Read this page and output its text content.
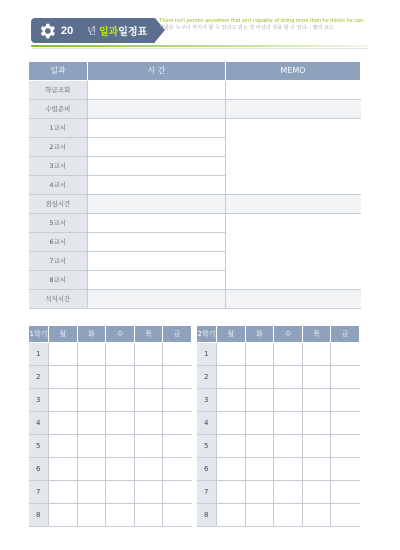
20 년 일과 일정표
There isn't person anywhere that isn't capable of doing more than he thinks he can.
사람은 누구나 자기가 할 수 있다고 믿는 것 이상의 것을 할 수 있다. - 헨리 포드
일과	시 간	MEMO
학급조회		
수업준비		
1교시		
2교시		
3교시		
4교시		
점심시간		
5교시		
6교시		
7교시		
8교시		
석식시간		
1학기	월	화	수	목	금
1					
2					
3					
4					
5					
6					
7					
8					
2학기	월	화	수	목	금
1					
2					
3					
4					
5					
6					
7					
8					
